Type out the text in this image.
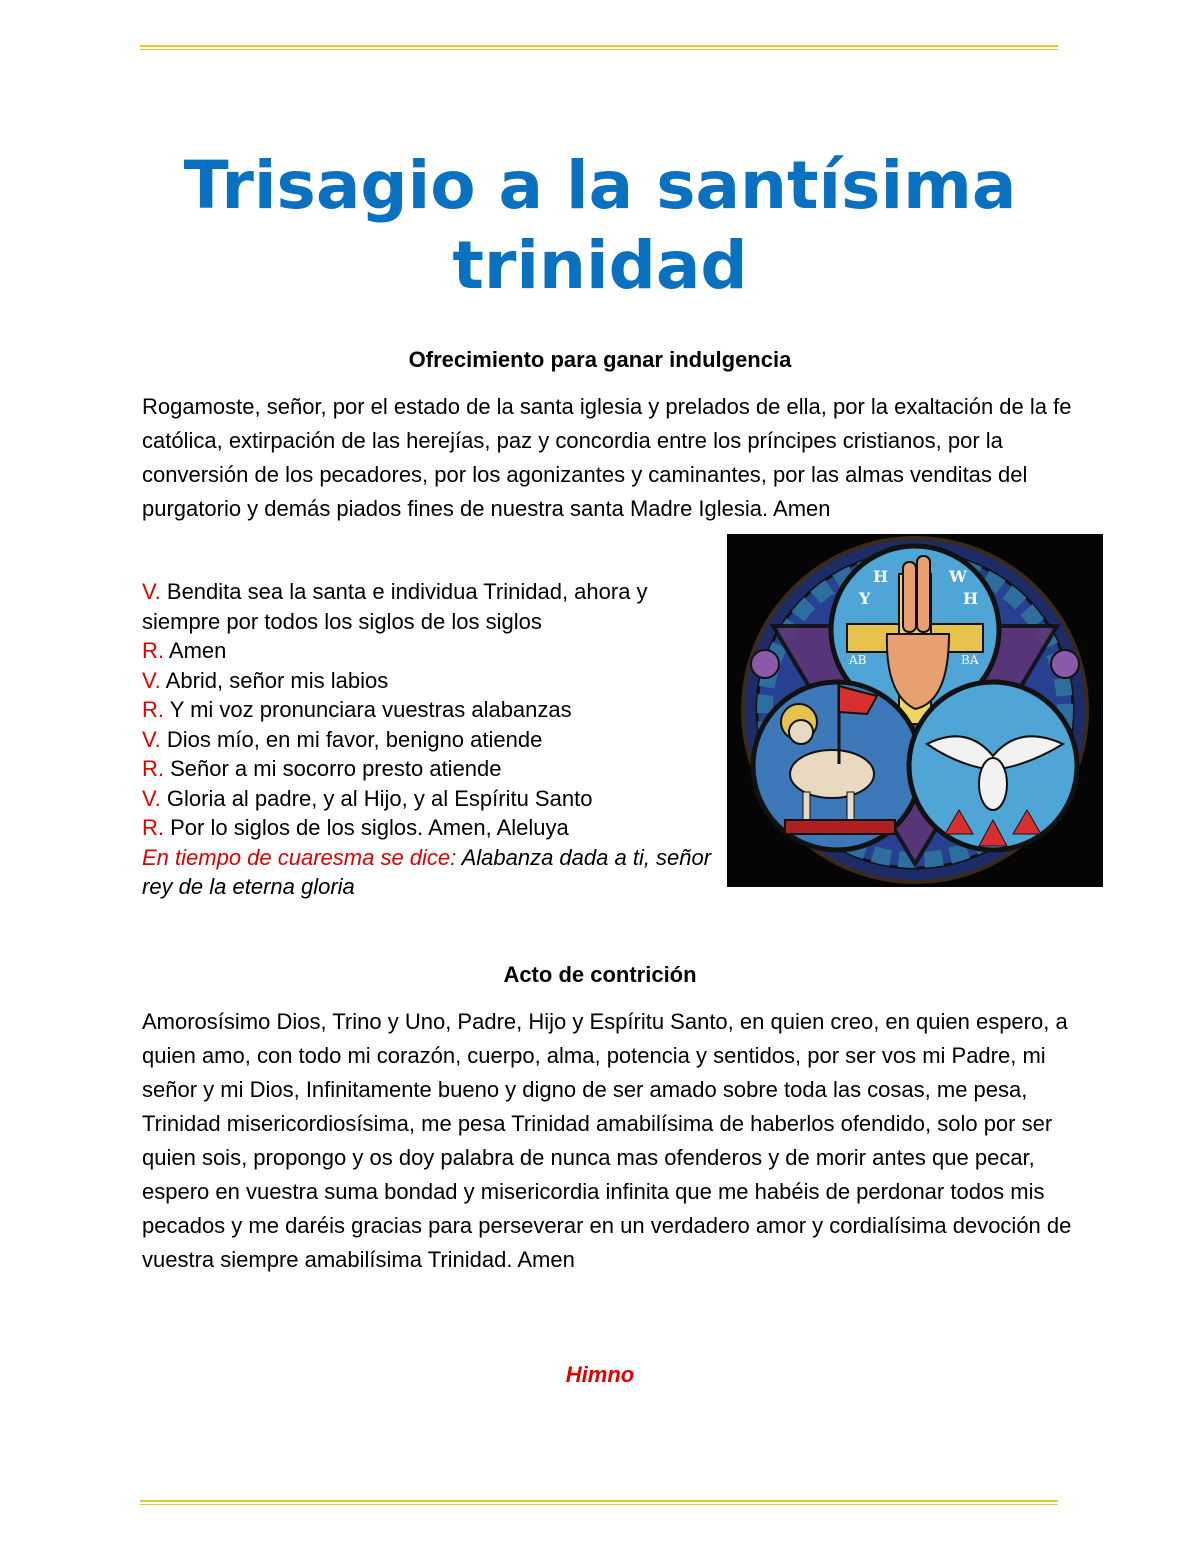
Trisagio a la santísima trinidad
Ofrecimiento para ganar indulgencia

Rogamoste, señor, por el estado de la santa iglesia y prelados de ella, por la exaltación de la fe católica, extirpación de las herejías, paz y concordia entre los príncipes cristianos, por la conversión de los pecadores, por los agonizantes y caminantes, por las almas venditas del purgatorio y demás piados fines de nuestra santa Madre Iglesia. Amen

V. Bendita sea la santa e individua Trinidad, ahora y siempre por todos los siglos de los siglos
R. Amen
V. Abrid, señor mis labios
R. Y mi voz pronunciara vuestras alabanzas
V. Dios mío, en mi favor, benigno atiende
R. Señor a mi socorro presto atiende
V. Gloria al padre, y al Hijo, y al Espíritu Santo
R. Por lo siglos de los siglos. Amen, Aleluya
En tiempo de cuaresma se dice: Alabanza dada a ti, señor rey de la eterna gloria
Y
H	W
H
AB	BA
Acto de contrición

Amorosísimo Dios, Trino y Uno, Padre, Hijo y Espíritu Santo, en quien creo, en quien espero, a quien amo, con todo mi corazón, cuerpo, alma, potencia y sentidos, por ser vos mi Padre, mi señor y mi Dios, Infinitamente bueno y digno de ser amado sobre toda las cosas, me pesa, Trinidad misericordiosísima, me pesa Trinidad amabilísima de haberlos ofendido, solo por ser quien sois, propongo y os doy palabra de nunca mas ofenderos y de morir antes que pecar, espero en vuestra suma bondad y misericordia infinita que me habéis de perdonar todos mis pecados y me daréis gracias para perseverar en un verdadero amor y cordialísima devoción de vuestra siempre amabilísima Trinidad. Amen

Himno
